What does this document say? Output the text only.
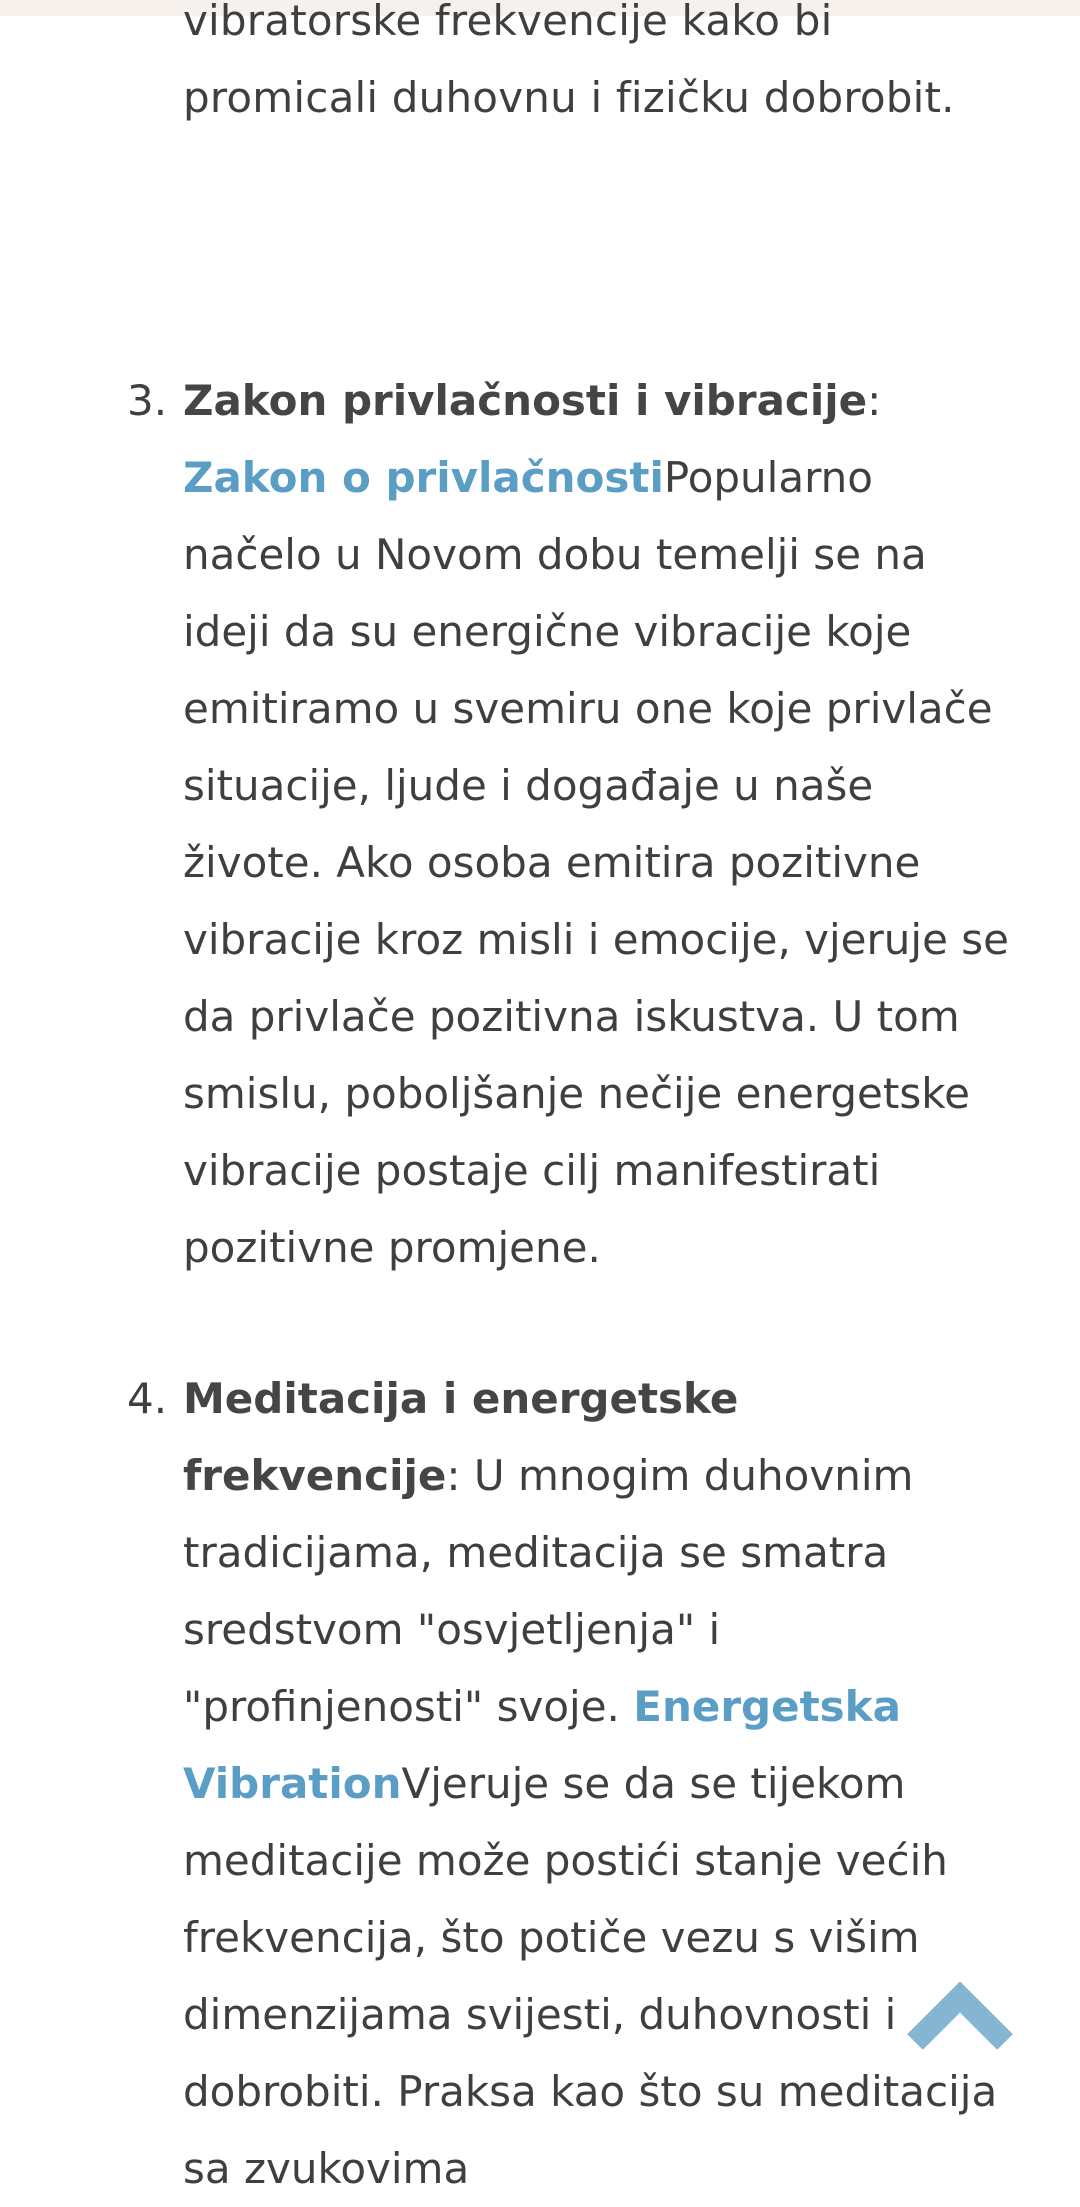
vibratorske frekvencije kako bi
promicali duhovnu i fizičku dobrobit.
3. Zakon privlačnosti i vibracije:
Zakon o privlačnostiPopularno načelo u Novom dobu temelji se na ideji da su energične vibracije koje emitiramo u svemiru one koje privlače situacije, ljude i događaje u naše živote. Ako osoba emitira pozitivne vibracije kroz misli i emocije, vjeruje se da privlače pozitivna iskustva. U tom smislu, poboljšanje nečije energetske vibracije postaje cilj manifestirati pozitivne promjene.
4. Meditacija i energetske frekvencije: U mnogim duhovnim tradicijama, meditacija se smatra sredstvom "osvjetljenja" i "profinjenosti" svoje. Energetska VibrationVjeruje se da se tijekom meditacije može postići stanje većih frekvencija, što potiče vezu s višim dimenzijama svijesti, duhovnosti i dobrobiti. Praksa kao što su meditacija sa zvukovima
